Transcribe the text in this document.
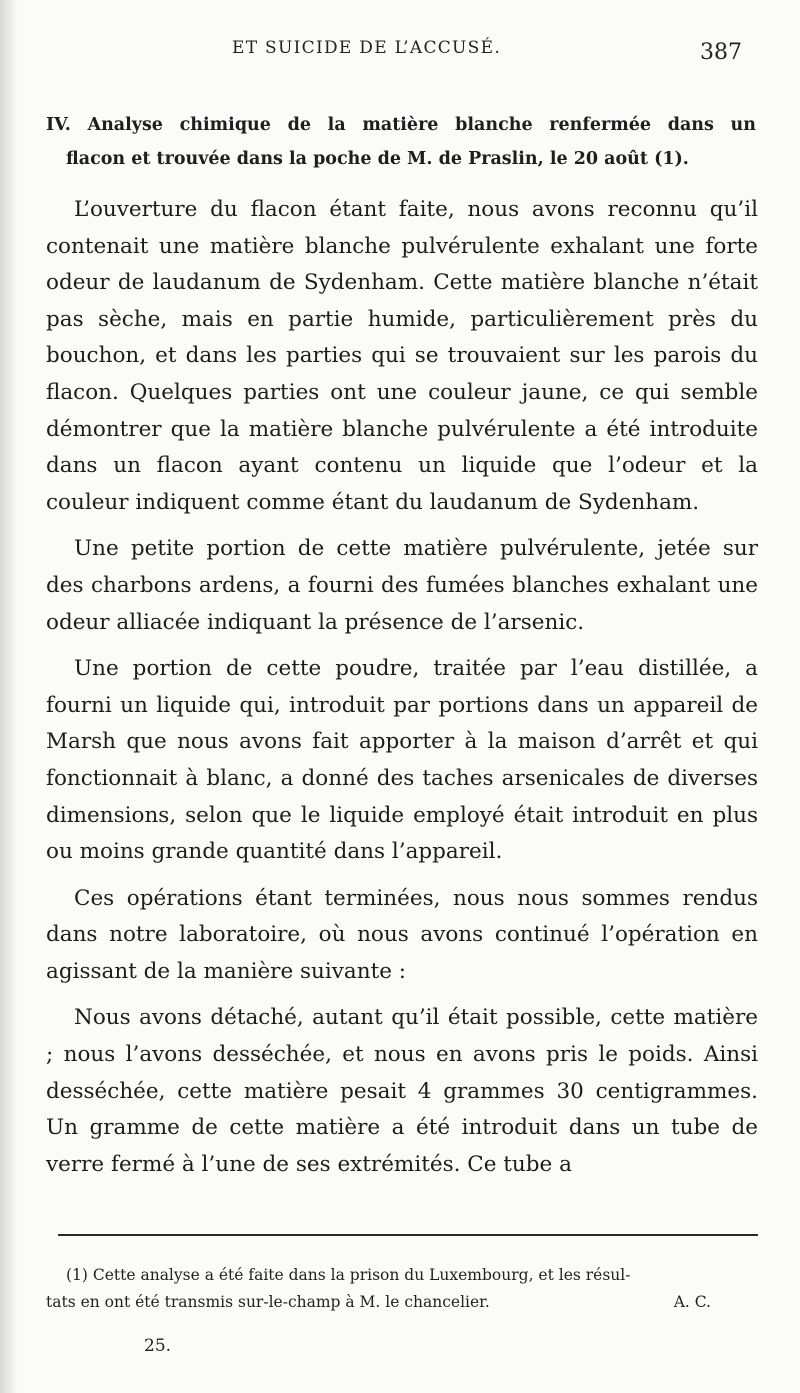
ET SUICIDE DE L’ACCUSÉ.	387
IV. Analyse chimique de la matière blanche renfermée dans un
flacon et trouvée dans la poche de M. de Praslin, le 20 août (1).

L’ouverture du flacon étant faite, nous avons reconnu qu’il contenait une matière blanche pulvérulente exhalant une forte odeur de laudanum de Sydenham. Cette matière blanche n’était pas sèche, mais en partie humide, particulièrement près du bouchon, et dans les parties qui se trouvaient sur les parois du flacon. Quelques parties ont une couleur jaune, ce qui semble démontrer que la matière blanche pulvérulente a été introduite dans un flacon ayant contenu un liquide que l’odeur et la couleur indiquent comme étant du laudanum de Sydenham.

Une petite portion de cette matière pulvérulente, jetée sur des charbons ardens, a fourni des fumées blanches exhalant une odeur alliacée indiquant la présence de l’arsenic.

Une portion de cette poudre, traitée par l’eau distillée, a fourni un liquide qui, introduit par portions dans un appareil de Marsh que nous avons fait apporter à la maison d’arrêt et qui fonctionnait à blanc, a donné des taches arsenicales de diverses dimensions, selon que le liquide employé était introduit en plus ou moins grande quantité dans l’appareil.

Ces opérations étant terminées, nous nous sommes rendus dans notre laboratoire, où nous avons continué l’opération en agissant de la manière suivante :

Nous avons détaché, autant qu’il était possible, cette matière ; nous l’avons desséchée, et nous en avons pris le poids. Ainsi desséchée, cette matière pesait 4 grammes 30 centigrammes. Un gramme de cette matière a été introduit dans un tube de verre fermé à l’une de ses extrémités. Ce tube a

(1) Cette analyse a été faite dans la prison du Luxembourg, et les résul-
tats en ont été transmis sur-le-champ à M. le chancelier.	A. C.
25.
